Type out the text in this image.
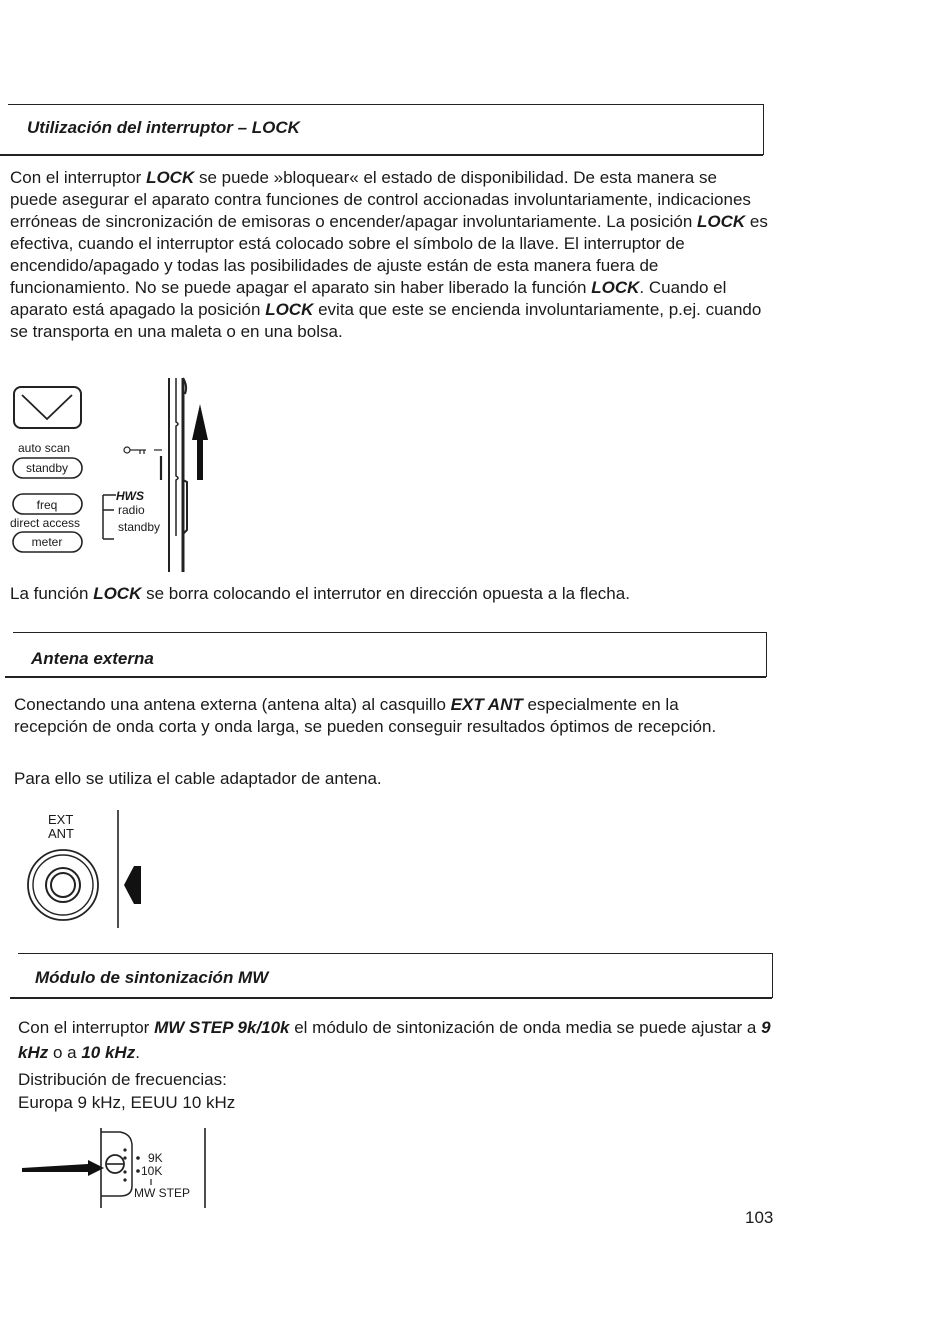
Utilización del interruptor – LOCK
Con el interruptor LOCK se puede »bloquear« el estado de disponibilidad. De esta manera se puede asegurar el aparato contra funciones de control accionadas involuntariamente, indicaciones erróneas de sincronización de emisoras o encender/apagar involuntariamente. La posición LOCK es efectiva, cuando el interruptor está colocado sobre el símbolo de la llave. El interruptor de encendido/apagado y todas las posibilidades de ajuste están de esta manera fuera de funcionamiento. No se puede apagar el aparato sin haber liberado la función LOCK. Cuando el aparato está apagado la posición LOCK evita que este se encienda involuntariamente, p.ej. cuando se transporta en una maleta o en una bolsa.
auto scan
standby
freq
direct access
meter
HWS
radio
standby
La función LOCK se borra colocando el interrutor en dirección opuesta a la flecha.
Antena externa
Conectando una antena externa (antena alta) al casquillo EXT ANT especialmente en la recepción de onda corta y onda larga, se pueden conseguir resultados óptimos de recepción.
Para ello se utiliza el cable adaptador de antena.
EXT
ANT
Módulo de sintonización MW
Con el interruptor MW STEP 9k/10k el módulo de sintonización de onda media se puede ajustar a 9 kHz o a 10 kHz.
Distribución de frecuencias:
Europa 9 kHz, EEUU 10 kHz
9K
10K
MW STEP
103
